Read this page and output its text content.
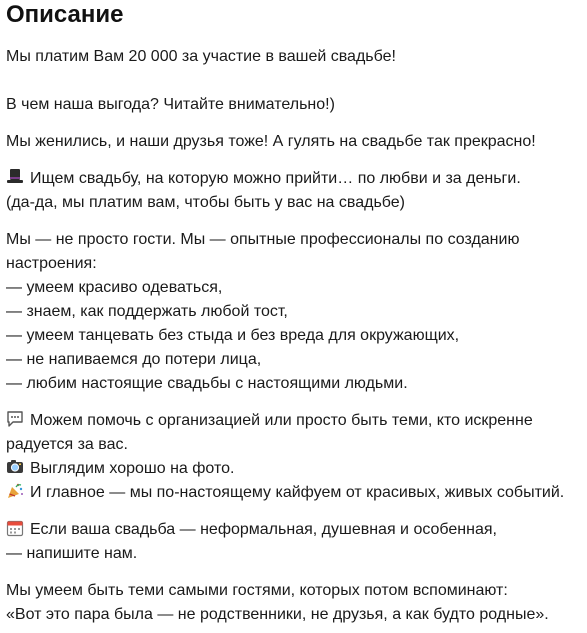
Описание

Мы платим Вам 20 000 за участие в вашей свадьбе!

В чем наша выгода? Читайте внимательно!)

Мы женились, и наши друзья тоже! А гулять на свадьбе так прекрасно!

Ищем свадьбу, на которую можно прийти… по любви и за деньги.
(да-да, мы платим вам, чтобы быть у вас на свадьбе)

Мы — не просто гости. Мы — опытные профессионалы по созданию
настроения:
— умеем красиво одеваться,
— знаем, как поддержать любой тост,
— умеем танцевать без стыда и без вреда для окружающих,
— не напиваемся до потери лица,
— любим настоящие свадьбы с настоящими людьми.

Можем помочь с организацией или просто быть теми, кто искренне
радуется за вас.
Выглядим хорошо на фото.
И главное — мы по-настоящему кайфуем от красивых, живых событий.

Если ваша свадьба — неформальная, душевная и особенная,
— напишите нам.

Мы умеем быть теми самыми гостями, которых потом вспоминают:
«Вот это пара была — не родственники, не друзья, а как будто родные».
